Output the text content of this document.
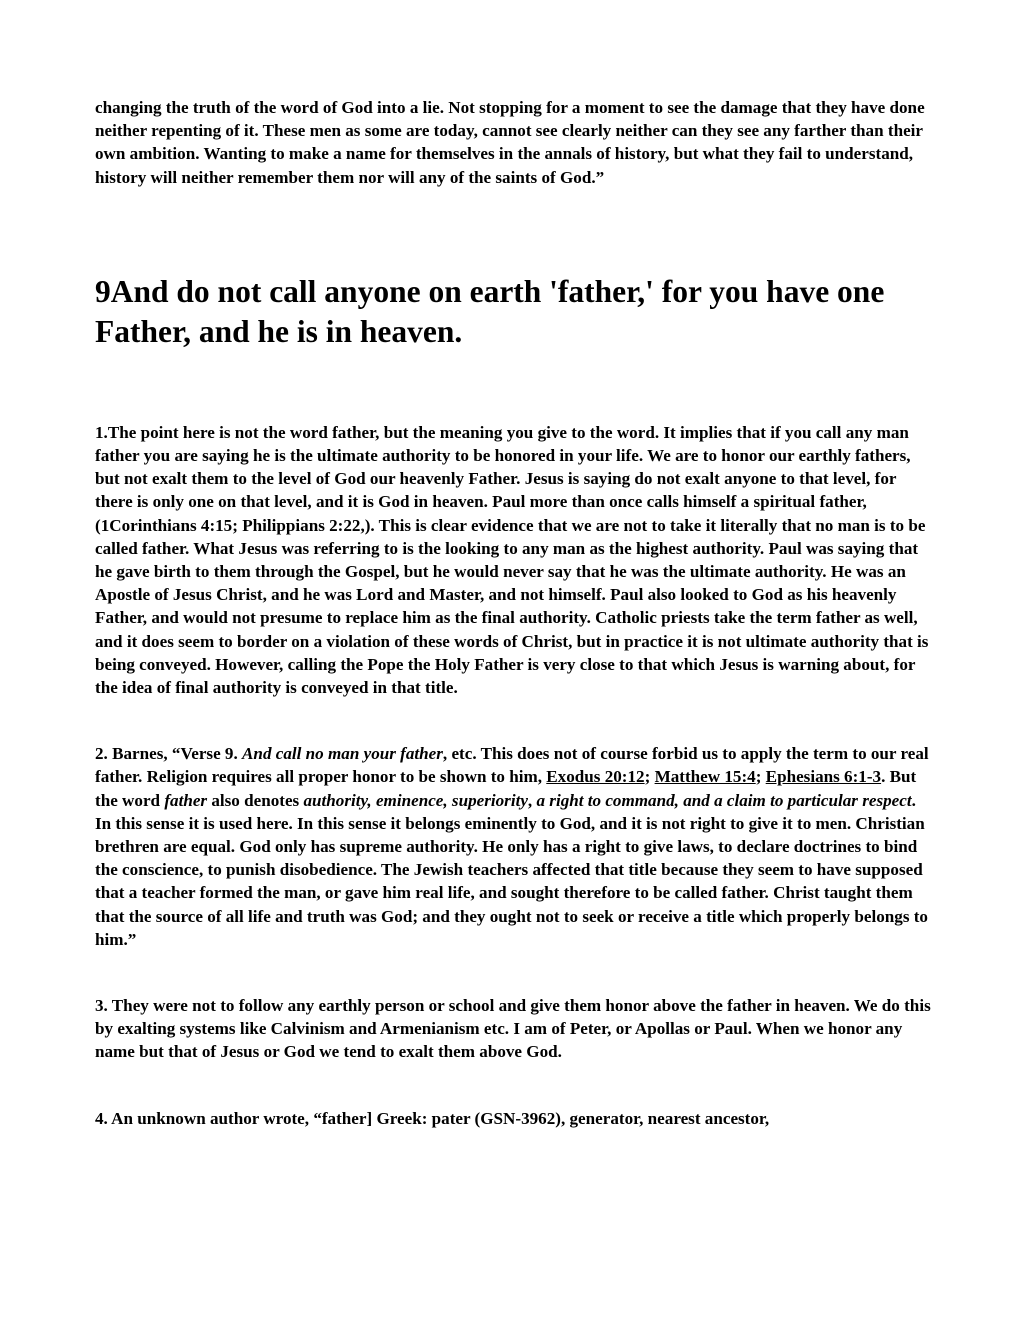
changing the truth of the word of God into a lie. Not stopping for a moment to see the damage that they have done neither repenting of it. These men as some are today, cannot see clearly neither can they see any farther than their own ambition. Wanting to make a name for themselves in the annals of history, but what they fail to understand, history will neither remember them nor will any of the saints of God.”

9And do not call anyone on earth 'father,' for you have one Father, and he is in heaven.

1.The point here is not the word father, but the meaning you give to the word. It implies that if you call any man father you are saying he is the ultimate authority to be honored in your life. We are to honor our earthly fathers, but not exalt them to the level of God our heavenly Father. Jesus is saying do not exalt anyone to that level, for there is only one on that level, and it is God in heaven. Paul more than once calls himself a spiritual father, (1Corinthians 4:15; Philippians 2:22,). This is clear evidence that we are not to take it literally that no man is to be called father. What Jesus was referring to is the looking to any man as the highest authority. Paul was saying that he gave birth to them through the Gospel, but he would never say that he was the ultimate authority. He was an Apostle of Jesus Christ, and he was Lord and Master, and not himself. Paul also looked to God as his heavenly Father, and would not presume to replace him as the final authority. Catholic priests take the term father as well, and it does seem to border on a violation of these words of Christ, but in practice it is not ultimate authority that is being conveyed. However, calling the Pope the Holy Father is very close to that which Jesus is warning about, for the idea of final authority is conveyed in that title.

2. Barnes, “Verse 9. And call no man your father, etc. This does not of course forbid us to apply the term to our real father. Religion requires all proper honor to be shown to him, Exodus 20:12; Matthew 15:4; Ephesians 6:1-3. But the word father also denotes authority, eminence, superiority, a right to command, and a claim to particular respect. In this sense it is used here. In this sense it belongs eminently to God, and it is not right to give it to men. Christian brethren are equal. God only has supreme authority. He only has a right to give laws, to declare doctrines to bind the conscience, to punish disobedience. The Jewish teachers affected that title because they seem to have supposed that a teacher formed the man, or gave him real life, and sought therefore to be called father. Christ taught them that the source of all life and truth was God; and they ought not to seek or receive a title which properly belongs to him.”

3. They were not to follow any earthly person or school and give them honor above the father in heaven. We do this by exalting systems like Calvinism and Armenianism etc. I am of Peter, or Apollas or Paul. When we honor any name but that of Jesus or God we tend to exalt them above God.

4. An unknown author wrote, “father] Greek: pater (GSN-3962), generator, nearest ancestor,
